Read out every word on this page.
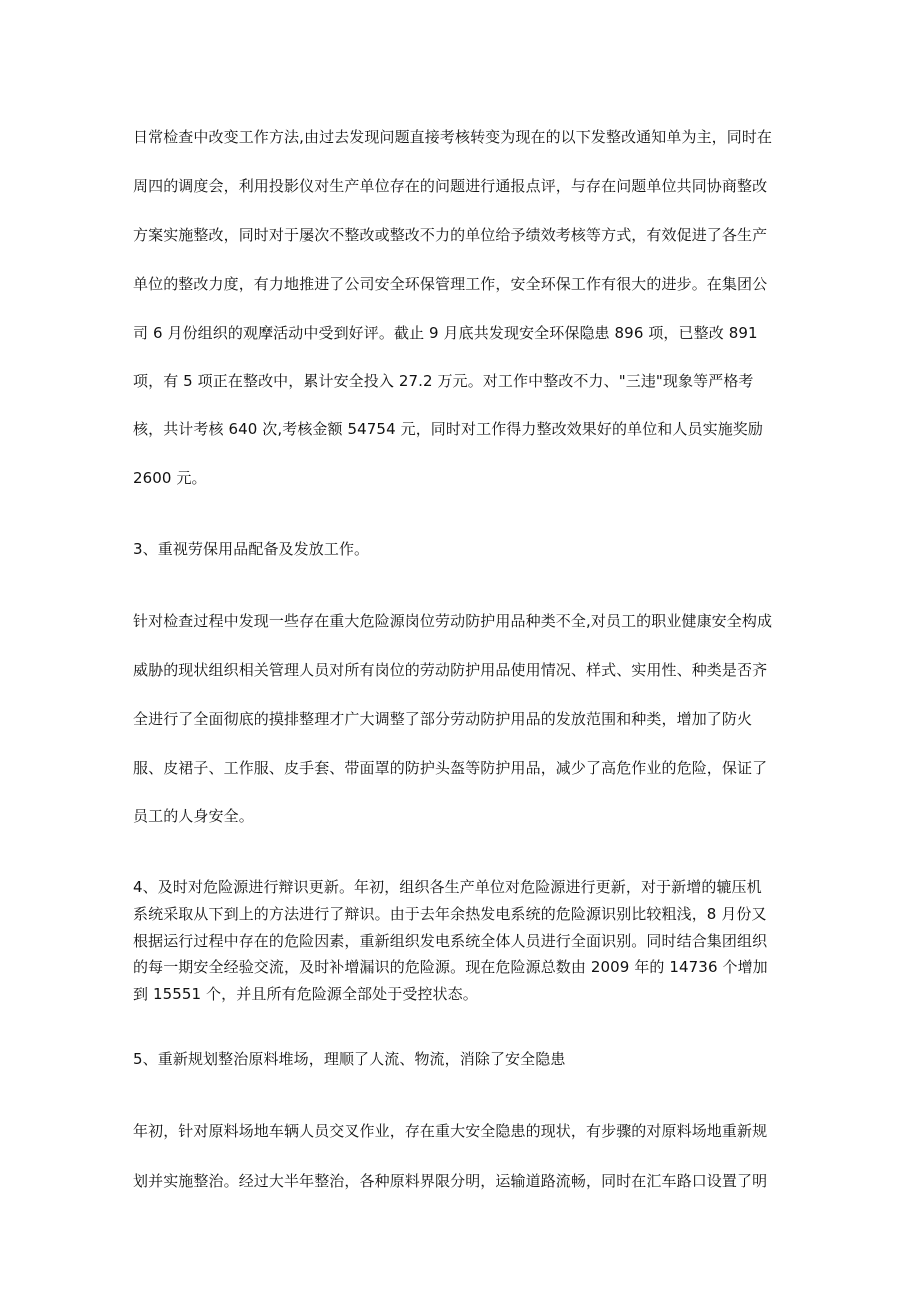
日常检查中改变工作方法,由过去发现问题直接考核转变为现在的以下发整改通知单为主，同时在
周四的调度会，利用投影仪对生产单位存在的问题进行通报点评，与存在问题单位共同协商整改
方案实施整改，同时对于屡次不整改或整改不力的单位给予绩效考核等方式，有效促进了各生产
单位的整改力度，有力地推进了公司安全环保管理工作，安全环保工作有很大的进步。在集团公
司 6 月份组织的观摩活动中受到好评。截止 9 月底共发现安全环保隐患 896 项，已整改 891
项，有 5 项正在整改中，累计安全投入 27.2 万元。对工作中整改不力、"三违"现象等严格考
核，共计考核 640 次,考核金额 54754 元，同时对工作得力整改效果好的单位和人员实施奖励
2600 元。
3、重视劳保用品配备及发放工作。
针对检查过程中发现一些存在重大危险源岗位劳动防护用品种类不全,对员工的职业健康安全构成
威胁的现状组织相关管理人员对所有岗位的劳动防护用品使用情况、样式、实用性、种类是否齐
全进行了全面彻底的摸排整理才广大调整了部分劳动防护用品的发放范围和种类，增加了防火
服、皮裙子、工作服、皮手套、带面罩的防护头盔等防护用品，减少了高危作业的危险，保证了
员工的人身安全。
4、及时对危险源进行辩识更新。年初，组织各生产单位对危险源进行更新，对于新增的辘压机
系统采取从下到上的方法进行了辩识。由于去年余热发电系统的危险源识别比较粗浅，8 月份又
根据运行过程中存在的危险因素，重新组织发电系统全体人员进行全面识别。同时结合集团组织
的每一期安全经验交流，及时补增漏识的危险源。现在危险源总数由 2009 年的 14736 个增加
到 15551 个，并且所有危险源全部处于受控状态。
5、重新规划整治原料堆场，理顺了人流、物流，消除了安全隐患
年初，针对原料场地车辆人员交叉作业，存在重大安全隐患的现状，有步骤的对原料场地重新规
划并实施整治。经过大半年整治，各种原料界限分明，运输道路流畅，同时在汇车路口设置了明
